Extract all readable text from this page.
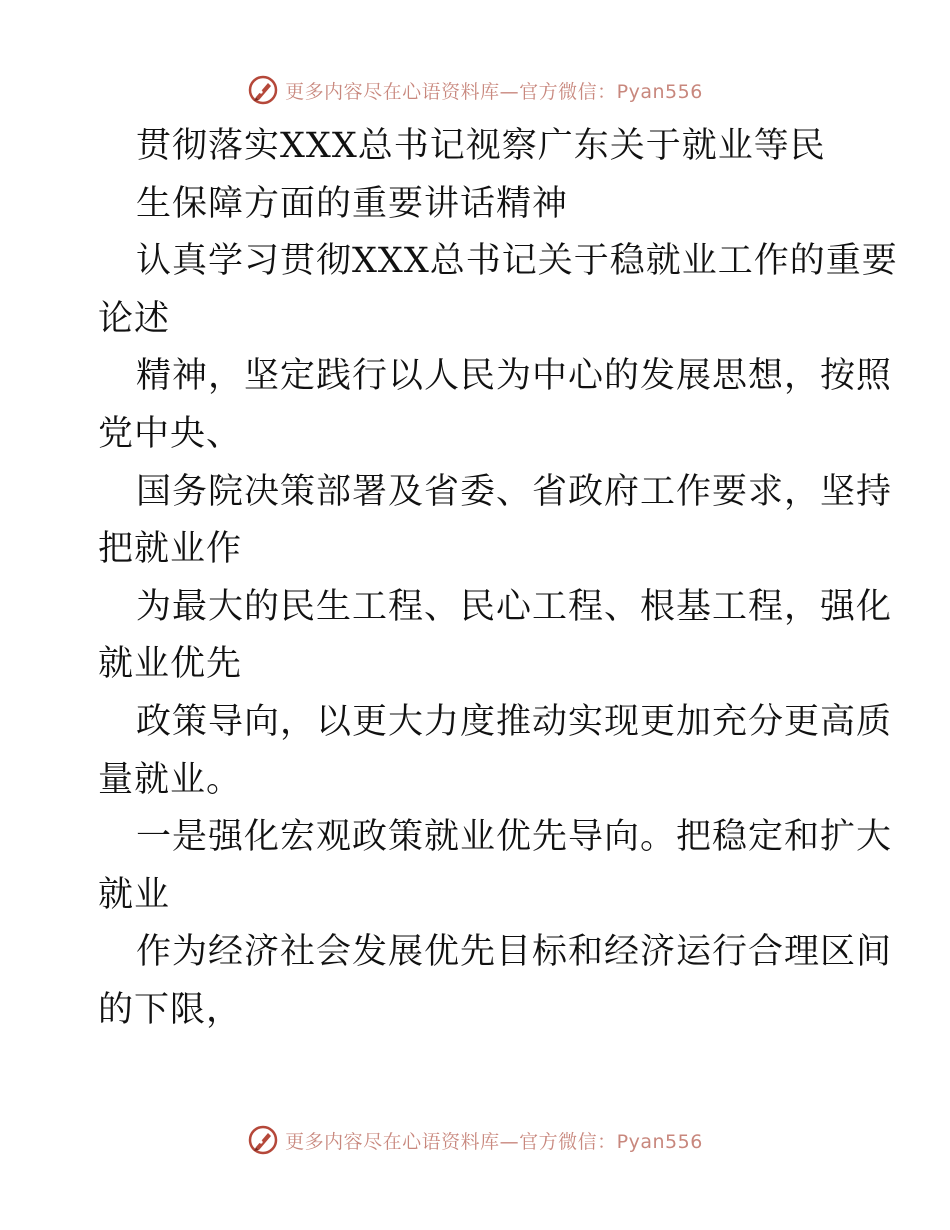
更多内容尽在心语资料库—官方微信：Pyan556
贯彻落实XXX总书记视察广东关于就业等民
生保障方面的重要讲话精神
认真学习贯彻XXX总书记关于稳就业工作的重要
论述
精神，坚定践行以人民为中心的发展思想，按照
党中央、
国务院决策部署及省委、省政府工作要求，坚持
把就业作
为最大的民生工程、民心工程、根基工程，强化
就业优先
政策导向，以更大力度推动实现更加充分更高质
量就业。
一是强化宏观政策就业优先导向。把稳定和扩大
就业
作为经济社会发展优先目标和经济运行合理区间
的下限，
更多内容尽在心语资料库—官方微信：Pyan556
